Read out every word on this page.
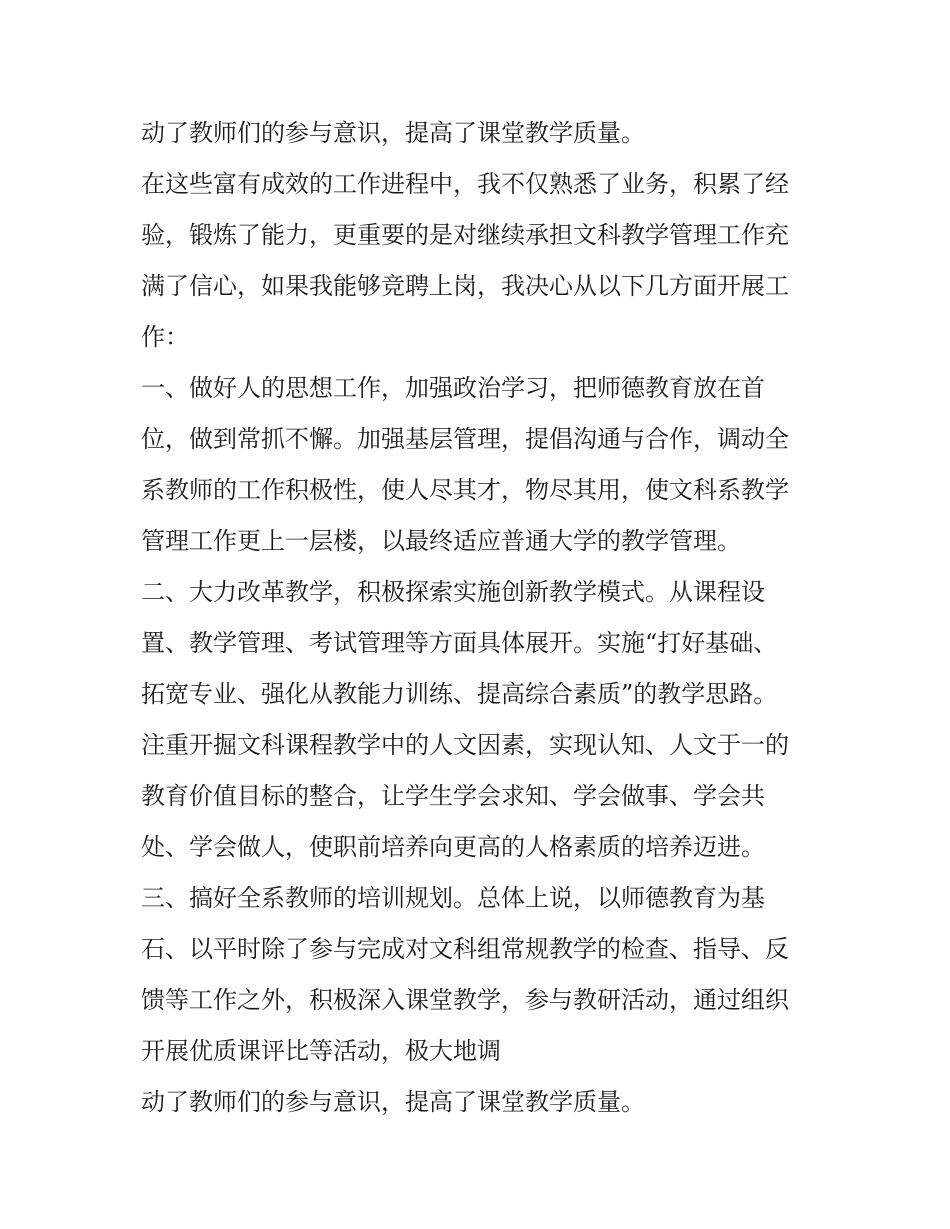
动了教师们的参与意识，提高了课堂教学质量。
在这些富有成效的工作进程中，我不仅熟悉了业务，积累了经
验，锻炼了能力，更重要的是对继续承担文科教学管理工作充
满了信心，如果我能够竞聘上岗，我决心从以下几方面开展工
作：
一、做好人的思想工作，加强政治学习，把师德教育放在首
位，做到常抓不懈。加强基层管理，提倡沟通与合作，调动全
系教师的工作积极性，使人尽其才，物尽其用，使文科系教学
管理工作更上一层楼，以最终适应普通大学的教学管理。
二、大力改革教学，积极探索实施创新教学模式。从课程设
置、教学管理、考试管理等方面具体展开。实施“打好基础、
拓宽专业、强化从教能力训练、提高综合素质”的教学思路。
注重开掘文科课程教学中的人文因素，实现认知、人文于一的
教育价值目标的整合，让学生学会求知、学会做事、学会共
处、学会做人，使职前培养向更高的人格素质的培养迈进。
三、搞好全系教师的培训规划。总体上说，以师德教育为基
石、以平时除了参与完成对文科组常规教学的检查、指导、反
馈等工作之外，积极深入课堂教学，参与教研活动，通过组织
开展优质课评比等活动，极大地调
动了教师们的参与意识，提高了课堂教学质量。
